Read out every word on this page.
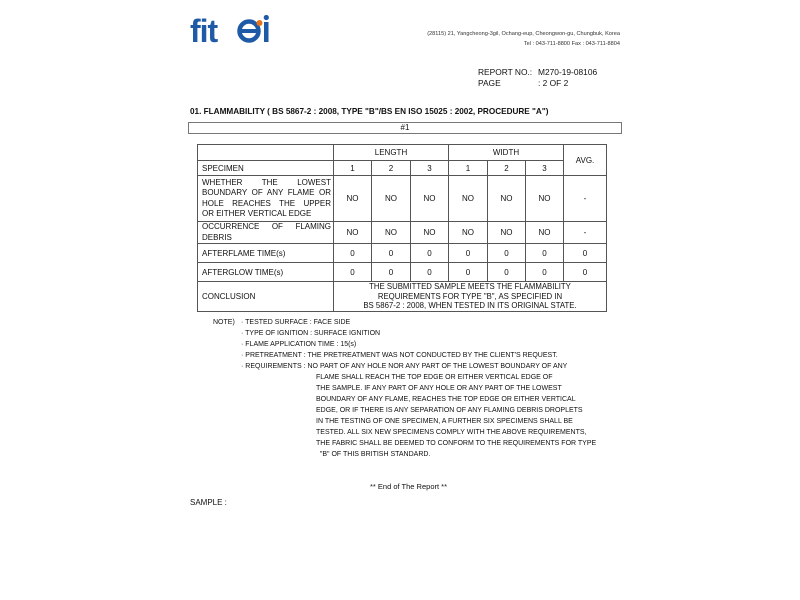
fit	(28115) 21, Yangcheong-3gil, Ochang-eup, Cheongwon-gu, Chungbuk, Korea
Tel : 043-711-8800 Fax : 043-711-8804
REPORT NO.: M270-19-08106
PAGE	: 2 OF 2
01. FLAMMABILITY ( BS 5867-2 : 2008, TYPE "B"/BS EN ISO 15025 : 2002, PROCEDURE "A")
#1
	LENGTH			WIDTH			AVG.
SPECIMEN	1	2	3	1	2	3	

WHETHER THE LOWEST
BOUNDARY OF ANY FLAME OR
HOLE REACHES THE UPPER
OR EITHER VERTICAL EDGE	NO	NO	NO	NO	NO	NO	-

OCCURRENCE OF FLAMING
DEBRIS	NO	NO	NO	NO	NO	NO	-
AFTERFLAME TIME(s)	0	0	0	0	0	0	0
AFTERGLOW TIME(s)	0	0	0	0	0	0	0
CONCLUSION	THE SUBMITTED SAMPLE MEETS THE FLAMMABILITY
REQUIREMENTS FOR TYPE "B", AS SPECIFIED IN
BS 5867-2 : 2008, WHEN TESTED IN ITS ORIGINAL STATE.						
NOTE) · TESTED SURFACE : FACE SIDE
· TYPE OF IGNITION : SURFACE IGNITION
· FLAME APPLICATION TIME : 15(s)
· PRETREATMENT : THE PRETREATMENT WAS NOT CONDUCTED BY THE CLIENT'S REQUEST.
· REQUIREMENTS : NO PART OF ANY HOLE NOR ANY PART OF THE LOWEST BOUNDARY OF ANY
FLAME SHALL REACH THE TOP EDGE OR EITHER VERTICAL EDGE OF
THE SAMPLE. IF ANY PART OF ANY HOLE OR ANY PART OF THE LOWEST
BOUNDARY OF ANY FLAME, REACHES THE TOP EDGE OR EITHER VERTICAL
EDGE, OR IF THERE IS ANY SEPARATION OF ANY FLAMING DEBRIS DROPLETS
IN THE TESTING OF ONE SPECIMEN, A FURTHER SIX SPECIMENS SHALL BE
TESTED. ALL SIX NEW SPECIMENS COMPLY WITH THE ABOVE REQUIREMENTS,
THE FABRIC SHALL BE DEEMED TO CONFORM TO THE REQUIREMENTS FOR TYPE
"B" OF THIS BRITISH STANDARD.
** End of The Report **
SAMPLE :
